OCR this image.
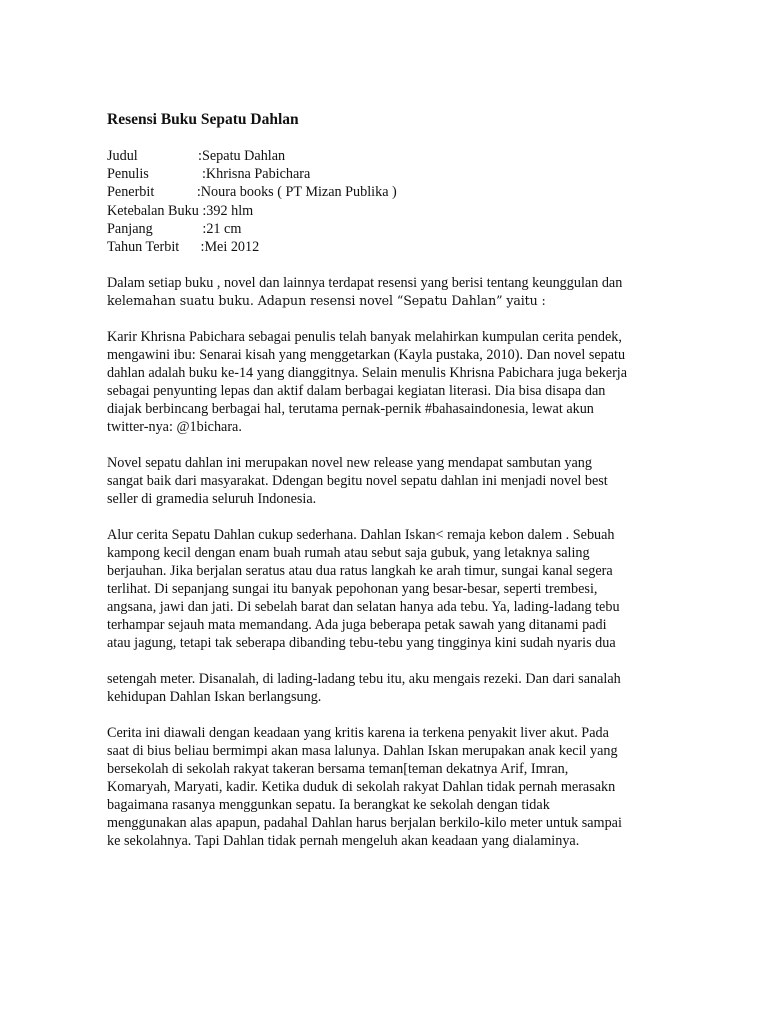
Resensi Buku Sepatu Dahlan
Judul                 :Sepatu Dahlan
Penulis               :Khrisna Pabichara
Penerbit            :Noura books ( PT Mizan Publika )
Ketebalan Buku :392 hlm
Panjang              :21 cm
Tahun Terbit      :Mei 2012
Dalam setiap buku , novel dan lainnya terdapat resensi yang berisi tentang keunggulan dan
kelemahan suatu buku. Adapun resensi novel “Sepatu Dahlan” yaitu :
Karir Khrisna Pabichara sebagai penulis telah banyak melahirkan kumpulan cerita pendek,
mengawini ibu: Senarai kisah yang menggetarkan (Kayla pustaka, 2010). Dan novel sepatu
dahlan adalah buku ke-14 yang dianggitnya. Selain menulis Khrisna Pabichara juga bekerja
sebagai penyunting lepas dan aktif dalam berbagai kegiatan literasi. Dia bisa disapa dan
diajak berbincang berbagai hal, terutama pernak-pernik #bahasaindonesia, lewat akun
twitter-nya: @1bichara.
Novel sepatu dahlan ini merupakan novel new release yang mendapat sambutan yang
sangat baik dari masyarakat. Ddengan begitu novel sepatu dahlan ini menjadi novel best
seller di gramedia seluruh Indonesia.
Alur cerita Sepatu Dahlan cukup sederhana. Dahlan Iskan< remaja kebon dalem . Sebuah
kampong kecil dengan enam buah rumah atau sebut saja gubuk, yang letaknya saling
berjauhan. Jika berjalan seratus atau dua ratus langkah ke arah timur, sungai kanal segera
terlihat. Di sepanjang sungai itu banyak pepohonan yang besar-besar, seperti trembesi,
angsana, jawi dan jati. Di sebelah barat dan selatan hanya ada tebu. Ya, lading-ladang tebu
terhampar sejauh mata memandang. Ada juga beberapa petak sawah yang ditanami padi
atau jagung, tetapi tak seberapa dibanding tebu-tebu yang tingginya kini sudah nyaris dua
setengah meter. Disanalah, di lading-ladang tebu itu, aku mengais rezeki. Dan dari sanalah
kehidupan Dahlan Iskan berlangsung.
Cerita ini diawali dengan keadaan yang kritis karena ia terkena penyakit liver akut. Pada
saat di bius beliau bermimpi akan masa lalunya. Dahlan Iskan merupakan anak kecil yang
bersekolah di sekolah rakyat takeran bersama teman[teman dekatnya Arif, Imran,
Komaryah, Maryati, kadir. Ketika duduk di sekolah rakyat Dahlan tidak pernah merasakn
bagaimana rasanya menggunkan sepatu. Ia berangkat ke sekolah dengan tidak
menggunakan alas apapun, padahal Dahlan harus berjalan berkilo-kilo meter untuk sampai
ke sekolahnya. Tapi Dahlan tidak pernah mengeluh akan keadaan yang dialaminya.
